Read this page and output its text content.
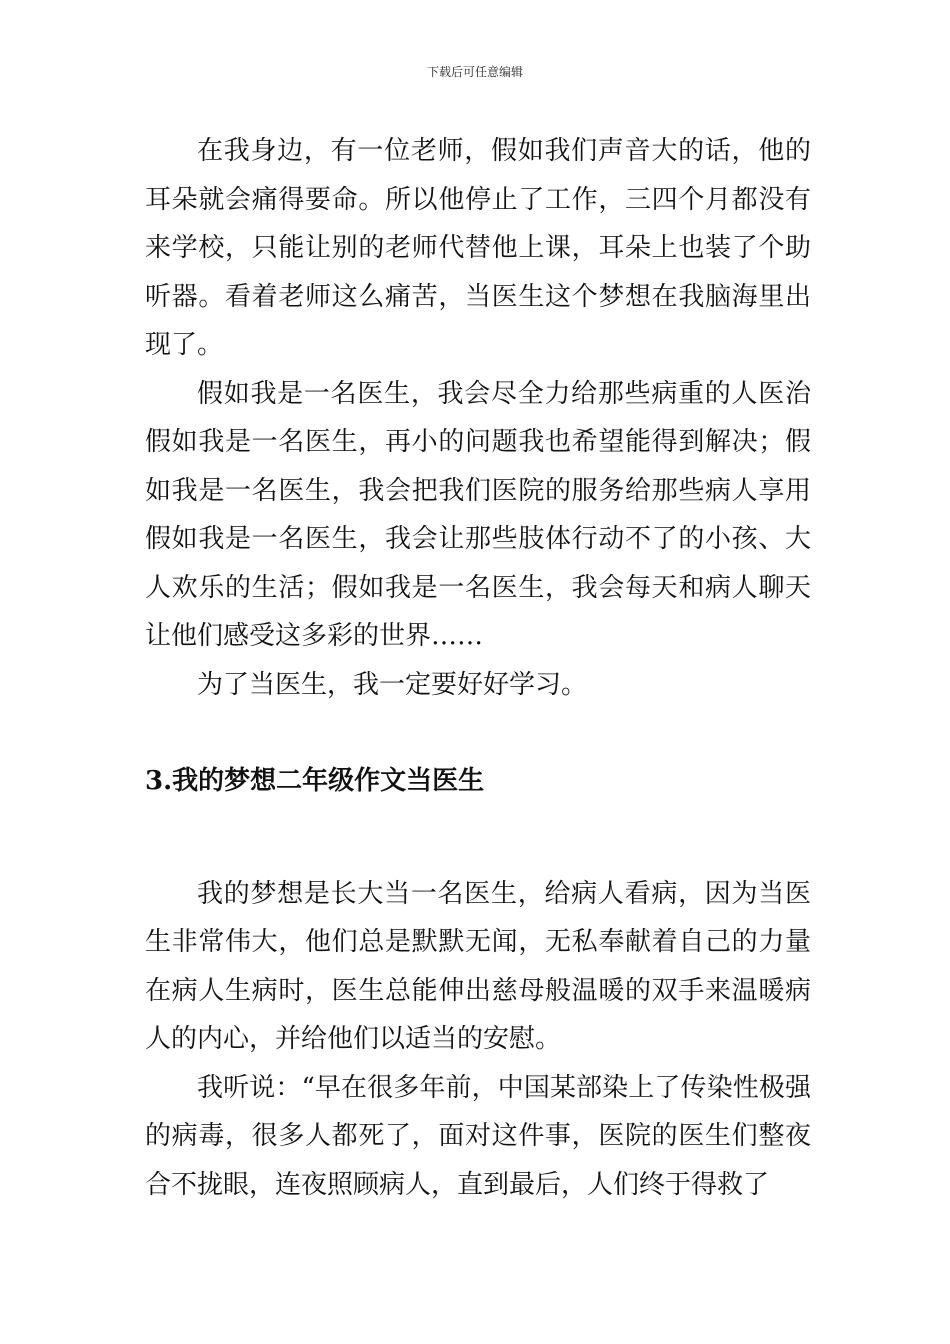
下载后可任意编辑

在我身边，有一位老师，假如我们声音大的话，他的耳朵就会痛得要命。所以他停止了工作，三四个月都没有来学校，只能让别的老师代替他上课，耳朵上也装了个助听器。看着老师这么痛苦，当医生这个梦想在我脑海里出现了。

假如我是一名医生，我会尽全力给那些病重的人医治假如我是一名医生，再小的问题我也希望能得到解决；假如我是一名医生，我会把我们医院的服务给那些病人享用假如我是一名医生，我会让那些肢体行动不了的小孩、大人欢乐的生活；假如我是一名医生，我会每天和病人聊天让他们感受这多彩的世界……

为了当医生，我一定要好好学习。

3.我的梦想二年级作文当医生

我的梦想是长大当一名医生，给病人看病，因为当医生非常伟大，他们总是默默无闻，无私奉献着自己的力量在病人生病时，医生总能伸出慈母般温暖的双手来温暖病人的内心，并给他们以适当的安慰。

我听说：“早在很多年前，中国某部染上了传染性极强的病毒，很多人都死了，面对这件事，医院的医生们整夜合不拢眼，连夜照顾病人，直到最后，人们终于得救了
